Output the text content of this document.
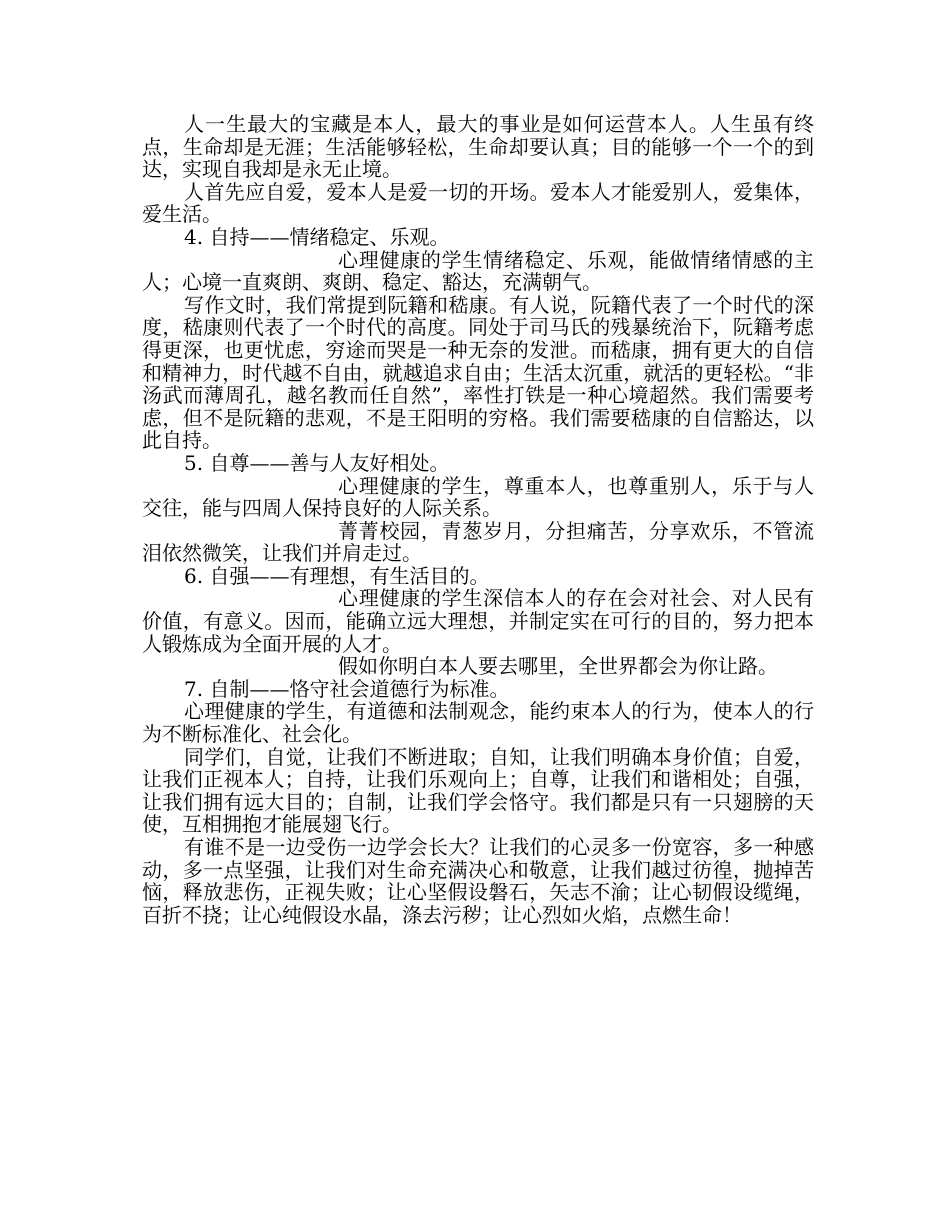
人一生最大的宝藏是本人，最大的事业是如何运营本人。人生虽有终点，生命却是无涯；生活能够轻松，生命却要认真；目的能够一个一个的到达，实现自我却是永无止境。

人首先应自爱，爱本人是爱一切的开场。爱本人才能爱别人，爱集体，爱生活。

4. 自持——情绪稳定、乐观。

心理健康的学生情绪稳定、乐观，能做情绪情感的主人；心境一直爽朗、爽朗、稳定、豁达，充满朝气。

写作文时，我们常提到阮籍和嵇康。有人说，阮籍代表了一个时代的深度，嵇康则代表了一个时代的高度。同处于司马氏的残暴统治下，阮籍考虑得更深，也更忧虑，穷途而哭是一种无奈的发泄。而嵇康，拥有更大的自信和精神力，时代越不自由，就越追求自由；生活太沉重，就活的更轻松。“非汤武而薄周孔，越名教而任自然”，率性打铁是一种心境超然。我们需要考虑，但不是阮籍的悲观，不是王阳明的穷格。我们需要嵇康的自信豁达，以此自持。

5. 自尊——善与人友好相处。

心理健康的学生，尊重本人，也尊重别人，乐于与人交往，能与四周人保持良好的人际关系。

菁菁校园，青葱岁月，分担痛苦，分享欢乐，不管流泪依然微笑，让我们并肩走过。

6. 自强——有理想，有生活目的。

心理健康的学生深信本人的存在会对社会、对人民有价值，有意义。因而，能确立远大理想，并制定实在可行的目的，努力把本人锻炼成为全面开展的人才。

假如你明白本人要去哪里，全世界都会为你让路。

7. 自制——恪守社会道德行为标准。

心理健康的学生，有道德和法制观念，能约束本人的行为，使本人的行为不断标准化、社会化。

同学们，自觉，让我们不断进取；自知，让我们明确本身价值；自爱，让我们正视本人；自持，让我们乐观向上；自尊，让我们和谐相处；自强，让我们拥有远大目的；自制，让我们学会恪守。我们都是只有一只翅膀的天使，互相拥抱才能展翅飞行。

有谁不是一边受伤一边学会长大？让我们的心灵多一份宽容，多一种感动，多一点坚强，让我们对生命充满决心和敬意，让我们越过彷徨，抛掉苦恼，释放悲伤，正视失败；让心坚假设磐石，矢志不渝；让心韧假设缆绳，百折不挠；让心纯假设水晶，涤去污秽；让心烈如火焰，点燃生命！
